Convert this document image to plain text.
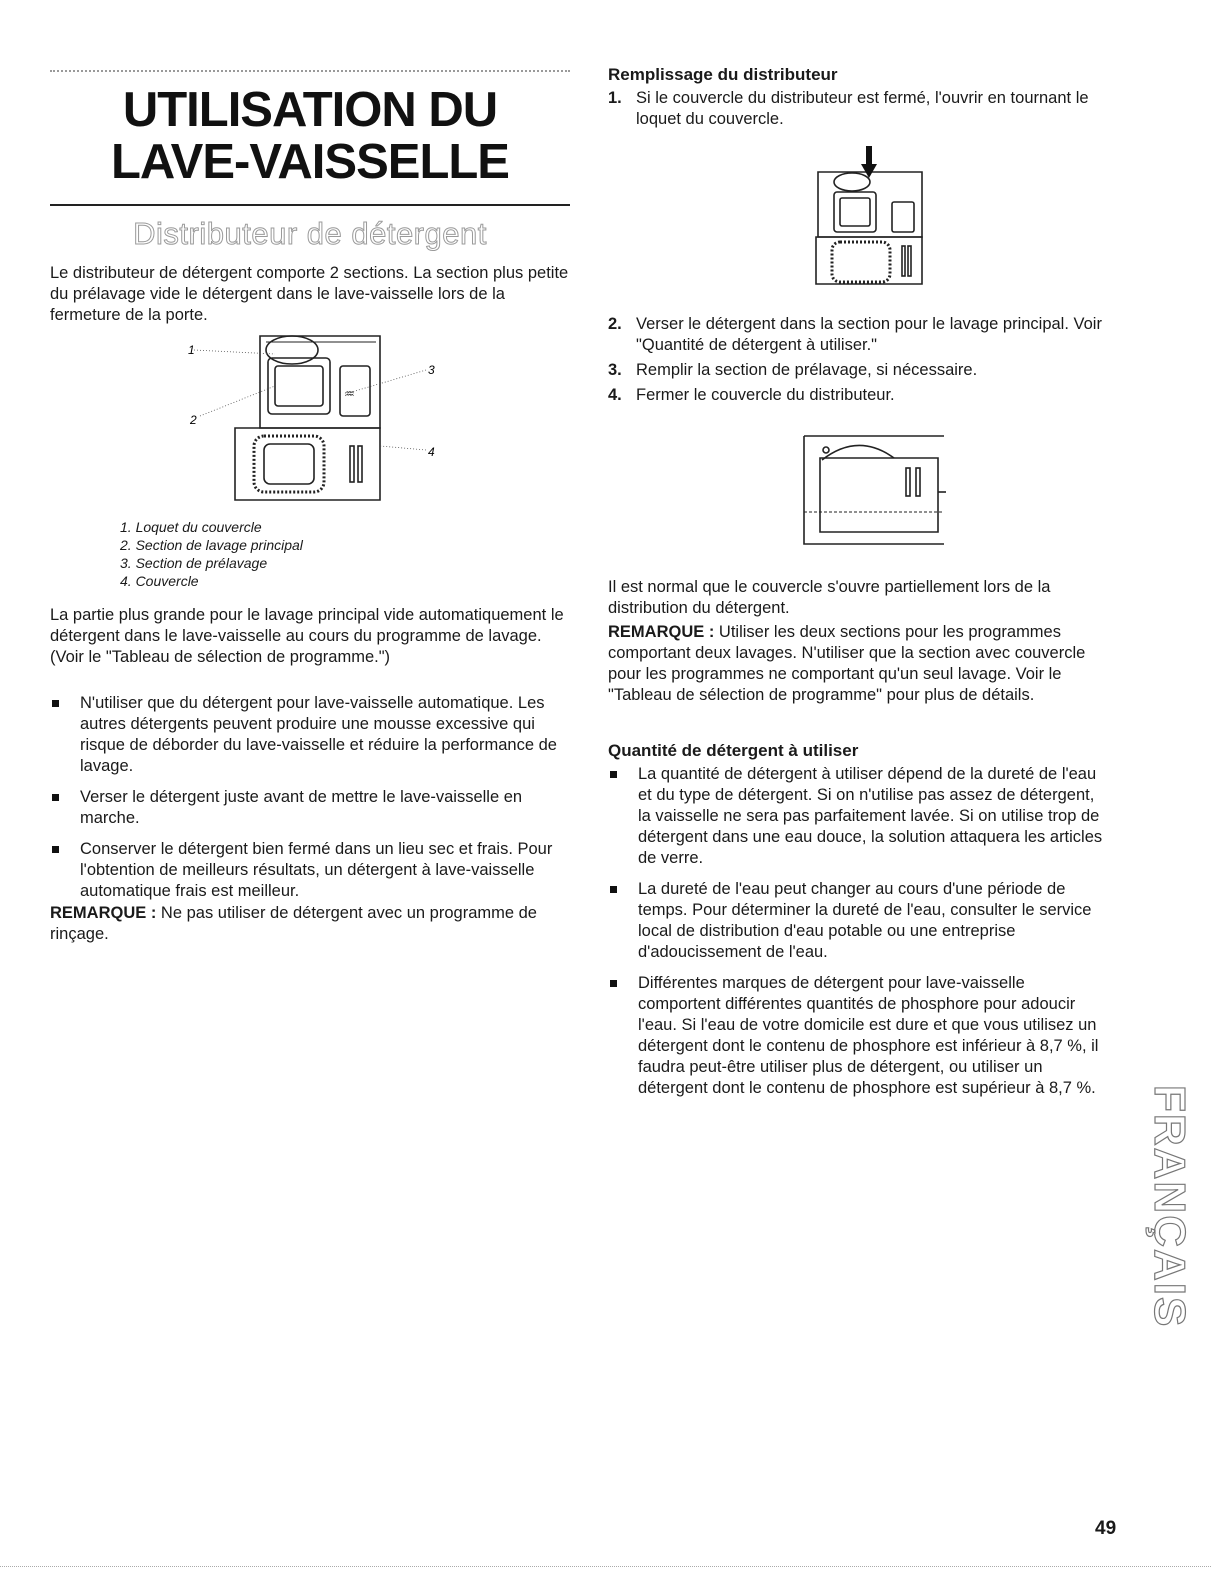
UTILISATION DU
LAVE-VAISSELLE
Distributeur de détergent
Le distributeur de détergent comporte 2 sections. La section plus petite du prélavage vide le détergent dans le lave-vaisselle lors de la fermeture de la porte.
♒
1
2
3
4
1. Loquet du couvercle
2. Section de lavage principal
3. Section de prélavage
4. Couvercle
La partie plus grande pour le lavage principal vide automatiquement le détergent dans le lave-vaisselle au cours du programme de lavage. (Voir le "Tableau de sélection de programme.")
N'utiliser que du détergent pour lave-vaisselle automatique. Les autres détergents peuvent produire une mousse excessive qui risque de déborder du lave-vaisselle et réduire la performance de lavage.
Verser le détergent juste avant de mettre le lave-vaisselle en marche.
Conserver le détergent bien fermé dans un lieu sec et frais. Pour l'obtention de meilleurs résultats, un détergent à lave-vaisselle automatique frais est meilleur.
REMARQUE : Ne pas utiliser de détergent avec un programme de rinçage.
Remplissage du distributeur
1. Si le couvercle du distributeur est fermé, l'ouvrir en tournant le loquet du couvercle.
2. Verser le détergent dans la section pour le lavage principal. Voir "Quantité de détergent à utiliser."
3. Remplir la section de prélavage, si nécessaire.
4. Fermer le couvercle du distributeur.
Il est normal que le couvercle s'ouvre partiellement lors de la distribution du détergent.
REMARQUE : Utiliser les deux sections pour les programmes comportant deux lavages. N'utiliser que la section avec couvercle pour les programmes ne comportant qu'un seul lavage. Voir le "Tableau de sélection de programme" pour plus de détails.
Quantité de détergent à utiliser
La quantité de détergent à utiliser dépend de la dureté de l'eau et du type de détergent. Si on n'utilise pas assez de détergent, la vaisselle ne sera pas parfaitement lavée. Si on utilise trop de détergent dans une eau douce, la solution attaquera les articles de verre.
La dureté de l'eau peut changer au cours d'une période de temps. Pour déterminer la dureté de l'eau, consulter le service local de distribution d'eau potable ou une entreprise d'adoucissement de l'eau.
Différentes marques de détergent pour lave-vaisselle comportent différentes quantités de phosphore pour adoucir l'eau. Si l'eau de votre domicile est dure et que vous utilisez un détergent dont le contenu de phosphore est inférieur à 8,7 %, il faudra peut-être utiliser plus de détergent, ou utiliser un détergent dont le contenu de phosphore est supérieur à 8,7 %. FRANÇAIS
49
